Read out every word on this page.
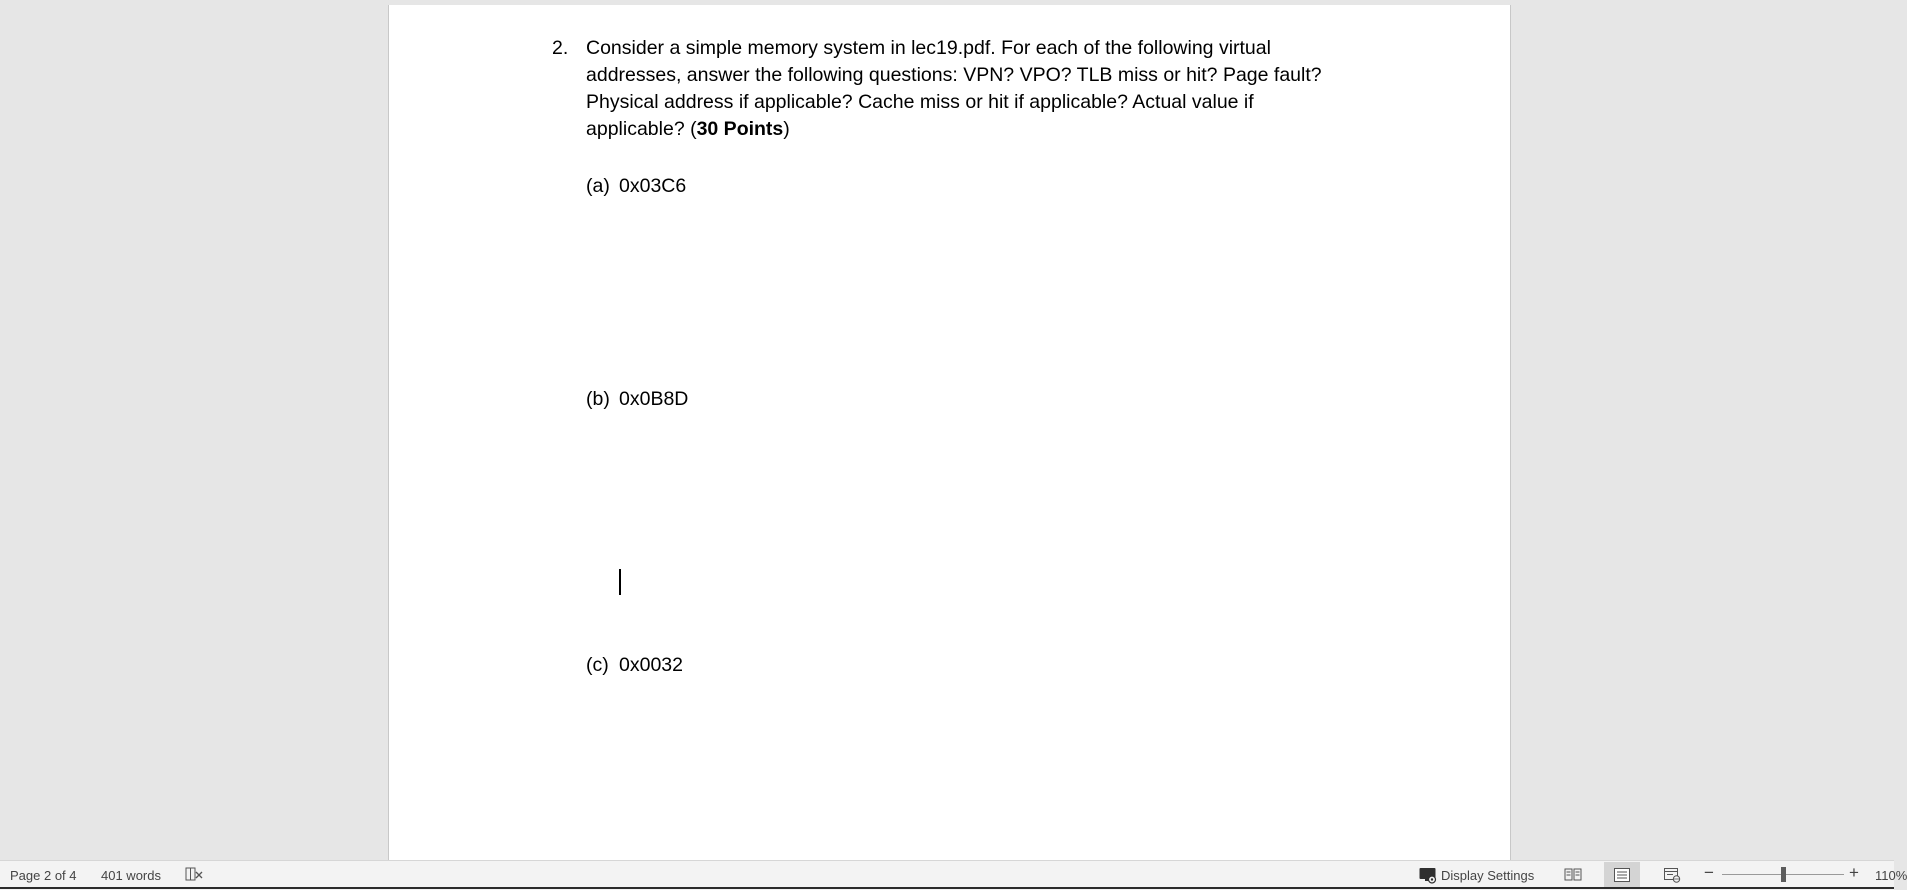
2. Consider a simple memory system in lec19.pdf. For each of the following virtual
addresses, answer the following questions: VPN? VPO? TLB miss or hit? Page fault?
Physical address if applicable? Cache miss or hit if applicable? Actual value if
applicable? (30 Points)
(a) 0x03C6
(b) 0x0B8D
(c) 0x0032
Page 2 of 4 401 words	Display Settings	−	+ 110%
